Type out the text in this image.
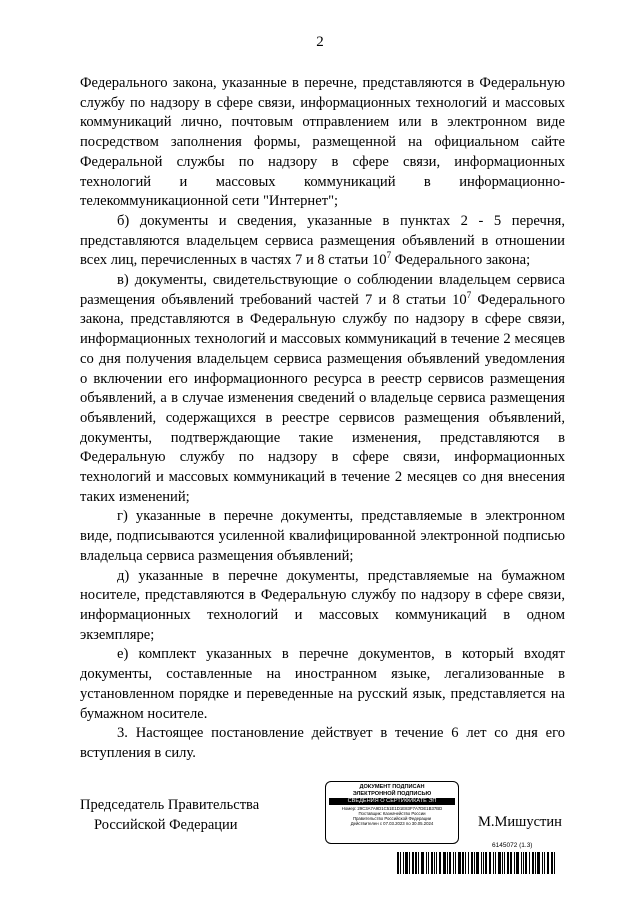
2

Федерального закона, указанные в перечне, представляются в Федеральную службу по надзору в сфере связи, информационных технологий и массовых коммуникаций лично, почтовым отправлением или в электронном виде посредством заполнения формы, размещенной на официальном сайте Федеральной службы по надзору в сфере связи, информационных технологий и массовых коммуникаций в информационно-телекоммуникационной сети "Интернет";

б) документы и сведения, указанные в пунктах 2 - 5 перечня, представляются владельцем сервиса размещения объявлений в отношении всех лиц, перечисленных в частях 7 и 8 статьи $10^7$ Федерального закона;

в) документы, свидетельствующие о соблюдении владельцем сервиса размещения объявлений требований частей 7 и 8 статьи $10^7$ Федерального закона, представляются в Федеральную службу по надзору в сфере связи, информационных технологий и массовых коммуникаций в течение 2 месяцев со дня получения владельцем сервиса размещения объявлений уведомления о включении его информационного ресурса в реестр сервисов размещения объявлений, а в случае изменения сведений о владельце сервиса размещения объявлений, содержащихся в реестре сервисов размещения объявлений, документы, подтверждающие такие изменения, представляются в Федеральную службу по надзору в сфере связи, информационных технологий и массовых коммуникаций в течение 2 месяцев со дня внесения таких изменений;

г) указанные в перечне документы, представляемые в электронном виде, подписываются усиленной квалифицированной электронной подписью владельца сервиса размещения объявлений;

д) указанные в перечне документы, представляемые на бумажном носителе, представляются в Федеральную службу по надзору в сфере связи, информационных технологий и массовых коммуникаций в одном экземпляре;

е) комплект указанных в перечне документов, в который входят документы, составленные на иностранном языке, легализованные в установленном порядке и переведенные на русский язык, представляется на бумажном носителе.

3. Настоящее постановление действует в течение 6 лет со дня его вступления в силу.

Председатель Правительства
Российской Федерации
ДОКУМЕНТ ПОДПИСАН
ЭЛЕКТРОННОЙ ПОДПИСЬЮ
СВЕДЕНИЯ О СЕРТИФИКАТЕ ЭП
Номер: 29С3A7A9D1C51E1D1E83F7A7DE1B37BD
Поставщик: Казначейство России
Правительство Российской Федерации
Действителен с 07.03.2023 по 30.05.2024	М.Мишустин
6145072 (1.3)
